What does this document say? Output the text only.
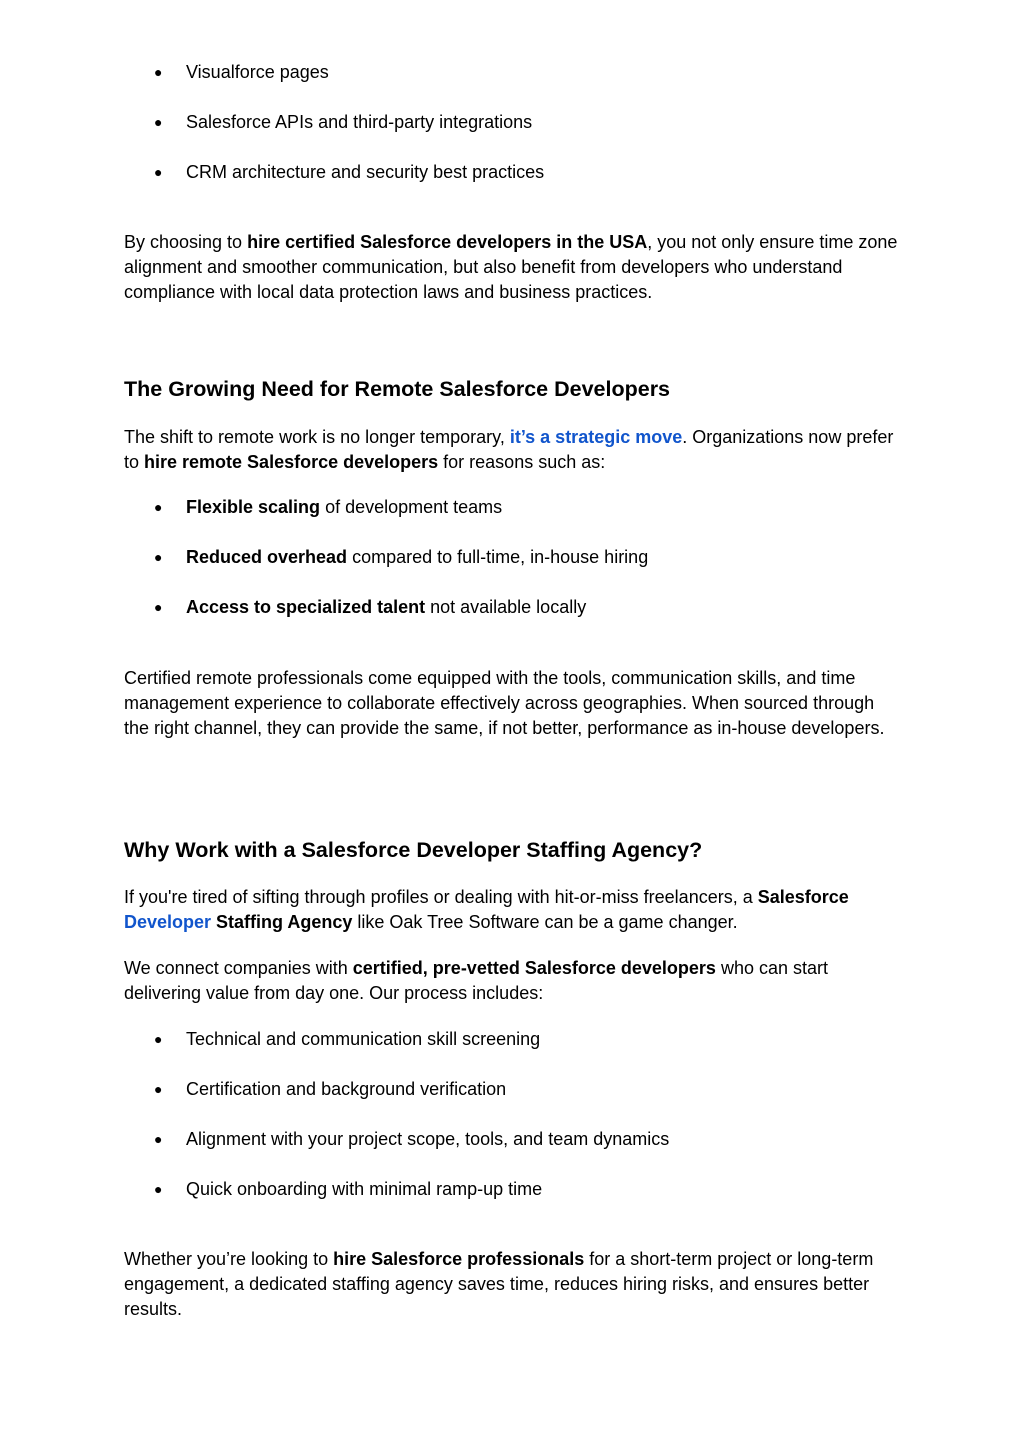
● Visualforce pages
● Salesforce APIs and third-party integrations
● CRM architecture and security best practices
By choosing to hire certified Salesforce developers in the USA, you not only ensure time zone alignment and smoother communication, but also benefit from developers who understand compliance with local data protection laws and business practices.
The Growing Need for Remote Salesforce Developers
The shift to remote work is no longer temporary, it’s a strategic move. Organizations now prefer to hire remote Salesforce developers for reasons such as:
● Flexible scaling of development teams
● Reduced overhead compared to full-time, in-house hiring
● Access to specialized talent not available locally
Certified remote professionals come equipped with the tools, communication skills, and time management experience to collaborate effectively across geographies. When sourced through the right channel, they can provide the same, if not better, performance as in-house developers.
Why Work with a Salesforce Developer Staffing Agency?
If you're tired of sifting through profiles or dealing with hit-or-miss freelancers, a Salesforce Developer Staffing Agency like Oak Tree Software can be a game changer.
We connect companies with certified, pre-vetted Salesforce developers who can start delivering value from day one. Our process includes:
● Technical and communication skill screening
● Certification and background verification
● Alignment with your project scope, tools, and team dynamics
● Quick onboarding with minimal ramp-up time
Whether you’re looking to hire Salesforce professionals for a short-term project or long-term engagement, a dedicated staffing agency saves time, reduces hiring risks, and ensures better results.
